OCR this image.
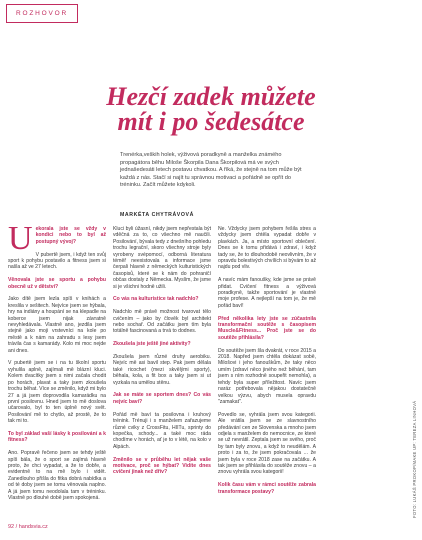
ROZHOVOR
Hezčí zadek můžete
mít i po šedesátce

Trenérka,veških holek, výživová poradkyně a manželka známého propagátora běhu Miloše Škorpila Dana Škorpilová má ve svých jednašedesáti letech postavu chvatkou. A říká, že stejně na tom může být každá z nás. Stačí si najít tu správnou motivaci a pořádně se opřít do tréninku. Začít můžete kdykoli.

MARKÉTA CHYTRÁVOVÁ

U ekorala jste se vždy v kondici nebo to byl až postupný vývoj?

V pubertě jsem, i když ten svůj sport k pohybu postavilo a fitness jsem si našla až ve 27 letech.

Věnovala jste se sportu a pohybu obecně už v dětství?

Jako dítě jsem lezla spíš v knihách a kreslila v sešitech. Nejvíce jsem se hýbala, hry na indiány a houpání se na klepadle na koberce jsem nijak závratně nevyhledávala. Vlastně ano, jezdila jsem stejně jako moji vrstevníci na kole po městě a k nám na zahradu s lesy jsem trávila čas s kamarády. Kolo mi moc nejde ani dnes.

V pubertě jsem se i na tu školní sportu vyhulila aplně, zajímali mě blázní kluci. Kolem dvacítky jsem s nimi začala chodit po horách, plavat a taky jsem zkoušela trochu běhat. Více se změnilo, když mi bylo 27 a já jsem doprovodila kamarádku na první posilovnu. Hned jsem to mě doslova učarovalo, byl to ten úplně nový svět. Posilování mě to chytlo, až prostě, že to tak mi to.

To byl základ vaší lásky k posilování a k fitness?

Ano. Popravě řečeno jsem se tehdy ještě spíš bála, že o sport se zajímá hlavně proto, že chci vypadat, a že to dobře, a evidentně to na mě bylo i vidět. Zanedlouho přišla do fitka dobrá nabídka a od té doby jsem se tomu věnovala naplno. A já jsem tomu neodolala tam v tréninku. Vlastně po dlouhé době jsem spokojená.

Kluci byli úžasní, nikdy jsem nepřestala být vděčná za to, co všechno mě naučili. Posilování, bývala tedy z dnešního pohledu trochu legrační, skoro všechny stroje byly vyrobeny svépomocí, odborná literatura téměř neexistovala a informace jsme čerpali hlavně z německých kulturistických časopisů, které se k nám do pohraničí občas dostaly z Německa. Myslím, že jsme si je všichni hodně užili.

Co vás na kulturistice tak nadchlo?

Nadchlo mě právě možnost tvarovat tělo cvičením – jako by člověk byl architekt nebo sochař. Od začátku jsem tím byla totálně fascinovaná a trvá to dodnes.

Zkoušela jste ještě jiné aktivity?

Zkoušela jsem různé druhy aerobiku. Nejvíc mě asi bavil step. Pak jsem dělala také ricochet (mezi skvělými sporty), běhala, kola, a fit box a taky jsem si ut vyzkala na umělou stěnu.

Jak se máte se sportem dnes? Co vás nejvíc baví?

Pořád mě baví ta posilovna i kruhový trénink. Trénuji i s manželem zařazujeme různé cviky z CrossFitu, HIITu, sprinty do kopečka, schody... a také moc ráda chodíme v horách, ať je to v létě, na kolo v Alpách.

Změnilo se v průběhu let nějak vaše motivace, proč se hýbat? Vidíte dnes cvičení jinak než dřív?

Ne. Vždycky jsem pohybem řešila stres a vždycky jsem chtěla vypadat dobře v plavkách. Ja, a místo sportovní oblečení. Dnes se k tomu přidává i zdraví, i když tady se, že to dlouhodobě neovlivním, že v opravdu bolestivých chvílích si bývám to až najdu pod vliv.

A navíc mám fanoušky, kde jsme se právě přidat. Cvičení fitness a výživová poradkyně, takže sportování je vlastně moje profese. A nejlepší na tom je, že mě pořád baví!

Před několika lety jste se zúčastnila transformační soutěže s časopisem Muscle&Fitness... Proč jste se do soutěže přihlásila?

Do soutěže jsem šla dvakrát, v roce 2015 a 2018. Napřed jsem chtěla dokázat sobě, Milošovi i jeho fanouškům, že taky něco umím (zdraví něco jiného než běhání, tam jsem s ním rozhodně soupeřit nemohla), a tehdy byla super příležitost. Navíc jsem naráz potřebovala nějakou dostatečně velkou výzvu, abych musela opravdu "zamakat".

Povedlo se, vyhrála jsem svou kategorii. Ale vrátila jsem se ze slavnostního předávání cen ze Slovenska a mnoho jsem odjela s manželem do nemocnice, ze které se už nevrátil. Zeptala jsem se svého, proč by tam byly znovu, a když to neudělám. A proto i za to, že jsem pokračovala ... že jsem byla v roce 2018 zase na začátku. A tak jsem se přihlásila do soutěže znovu – a znovu vyhrála svou kategorii!

Kolik času vám v rámci soutěže zabrala transformace postavy?	FOTO: LUKÁŠ PROKOP/MAKE UP: TEREZA LINHOVÁ
92 / handsvia.cz
